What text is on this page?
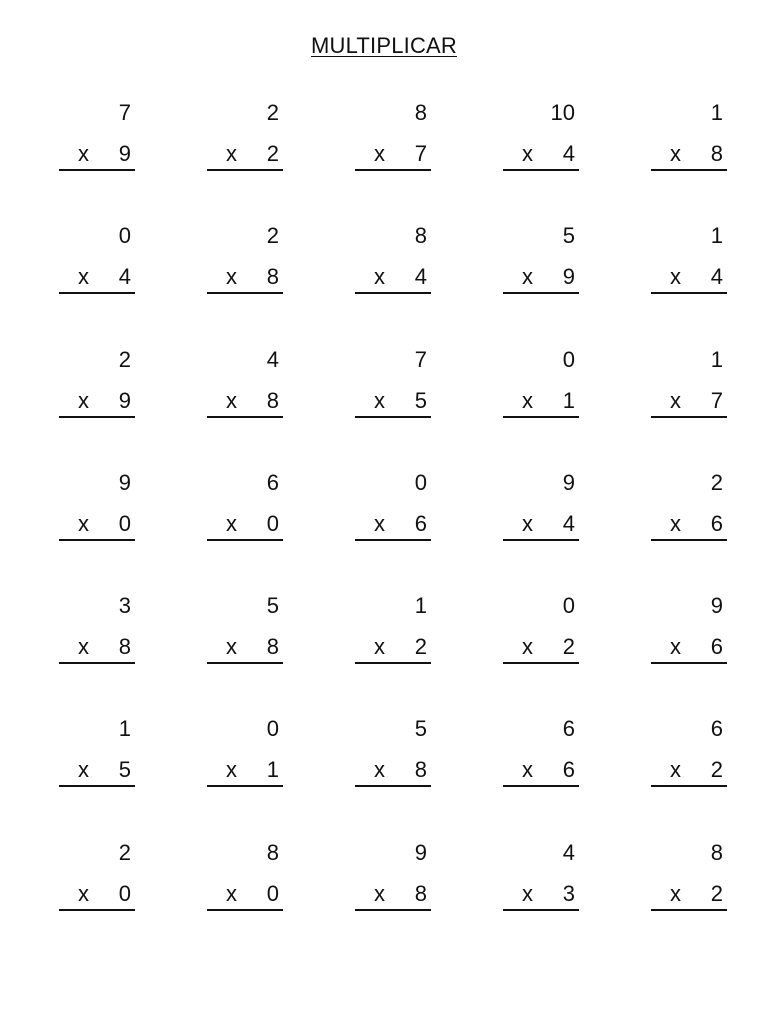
MULTIPLICAR
7
x 9
2
x 2
8
x 7
10
x 4
1
x 8
0
x 4
2
x 8
8
x 4
5
x 9
1
x 4
2
x 9
4
x 8
7
x 5
0
x 1
1
x 7
9
x 0
6
x 0
0
x 6
9
x 4
2
x 6
3
x 8
5
x 8
1
x 2
0
x 2
9
x 6
1
x 5
0
x 1
5
x 8
6
x 6
6
x 2
2
x 0
8
x 0
9
x 8
4
x 3
8
x 2
